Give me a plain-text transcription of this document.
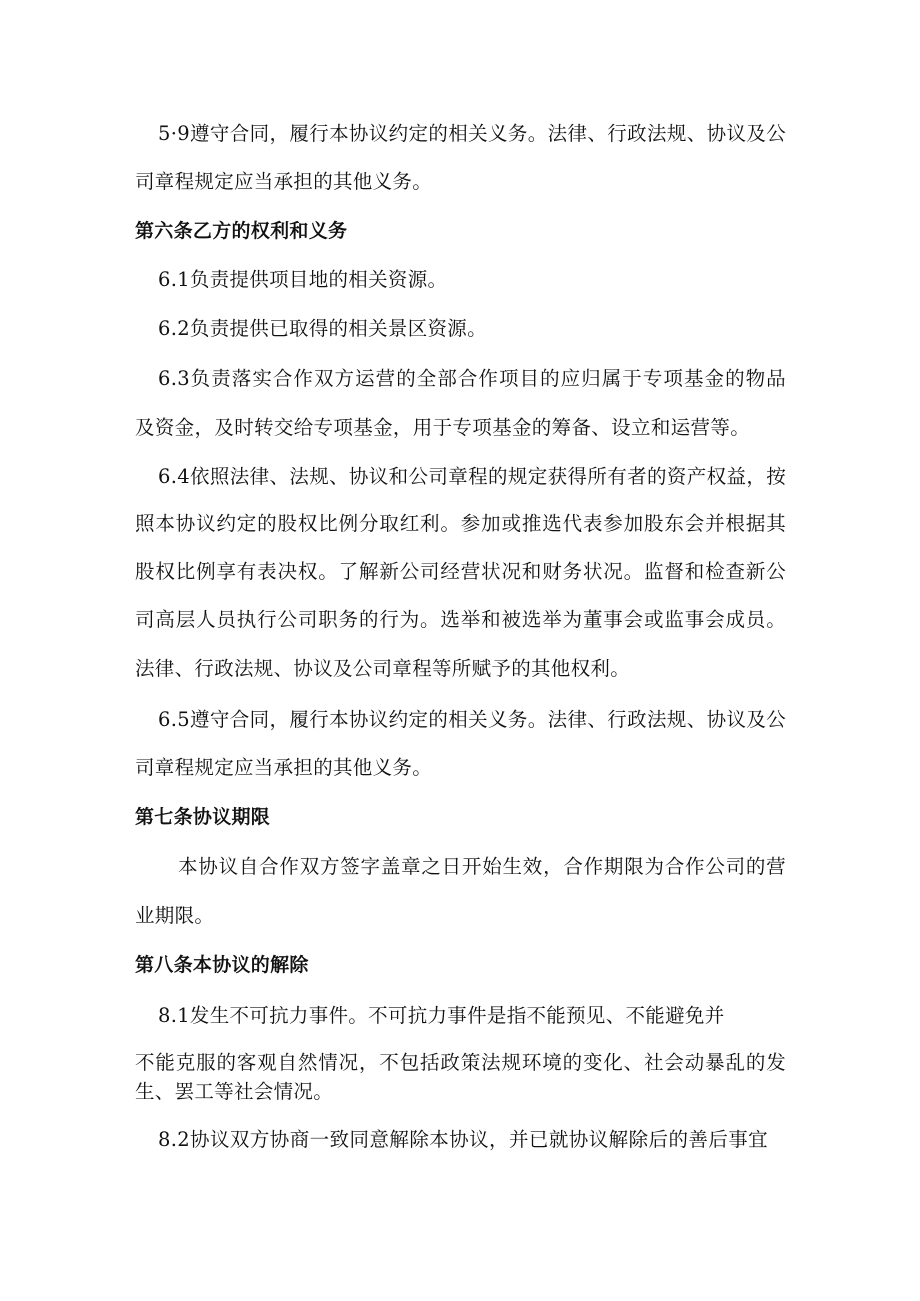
5·9遵守合同，履行本协议约定的相关义务。法律、行政法规、协议及公
司章程规定应当承担的其他义务。
第六条乙方的权利和义务
6.1负责提供项目地的相关资源。
6.2负责提供已取得的相关景区资源。
6.3负责落实合作双方运营的全部合作项目的应归属于专项基金的物品
及资金，及时转交给专项基金，用于专项基金的筹备、设立和运营等。
6.4依照法律、法规、协议和公司章程的规定获得所有者的资产权益，按
照本协议约定的股权比例分取红利。参加或推选代表参加股东会并根据其
股权比例享有表决权。了解新公司经营状况和财务状况。监督和检查新公
司高层人员执行公司职务的行为。选举和被选举为董事会或监事会成员。
法律、行政法规、协议及公司章程等所赋予的其他权利。
6.5遵守合同，履行本协议约定的相关义务。法律、行政法规、协议及公
司章程规定应当承担的其他义务。
第七条协议期限
本协议自合作双方签字盖章之日开始生效，合作期限为合作公司的营
业期限。
第八条本协议的解除
8.1发生不可抗力事件。不可抗力事件是指不能预见、不能避免并
不能克服的客观自然情况，不包括政策法规环境的变化、社会动暴乱的发
生、罢工等社会情况。
8.2协议双方协商一致同意解除本协议，并已就协议解除后的善后事宜
